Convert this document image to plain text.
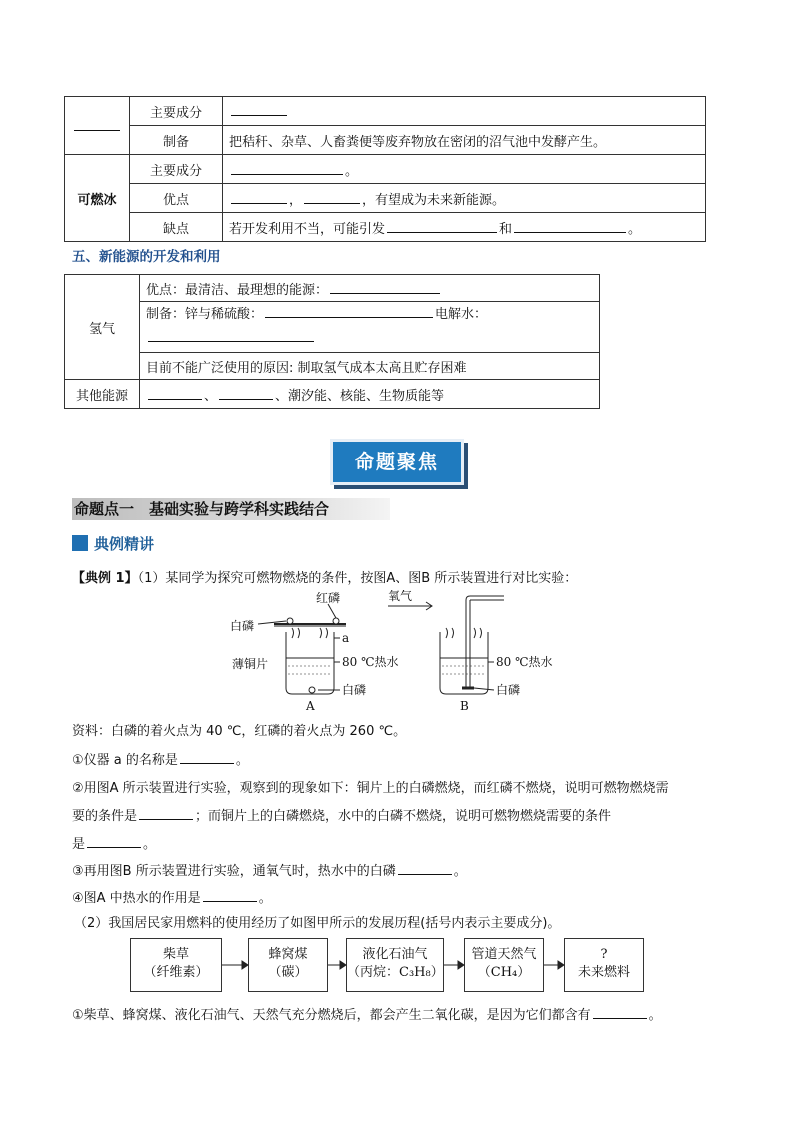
	主要成分	
	制备	把秸秆、杂草、人畜粪便等废弃物放在密闭的沼气池中发酵产生。
可燃冰	主要成分	。
	优点	， ，有望成为未来新能源。
	缺点	若开发利用不当，可能引发 和 。
五、新能源的开发和利用
氢气	优点：最清洁、最理想的能源：
	制备：锌与稀硫酸： 电解水：

	目前不能广泛使用的原因: 制取氢气成本太高且贮存困难
其他能源	、 、潮汐能、核能、生物质能等
命题聚焦
命题点一　基础实验与跨学科实践结合
典例精讲
【典例 1】（1）某同学为探究可燃物燃烧的条件，按图A、图B 所示装置进行对比实验：
红磷
白磷
a
薄铜片	80 ℃热水
白磷
A
氧气
80 ℃热水
白磷
B
资料：白磷的着火点为 40 ℃，红磷的着火点为 260 ℃。
①仪器 a 的名称是	。
②用图A 所示装置进行实验，观察到的现象如下：铜片上的白磷燃烧，而红磷不燃烧，说明可燃物燃烧需
要的条件是	；而铜片上的白磷燃烧，水中的白磷不燃烧，说明可燃物燃烧需要的条件
是	。
③再用图B 所示装置进行实验，通氧气时，热水中的白磷	。
④图A 中热水的作用是	。
（2）我国居民家用燃料的使用经历了如图甲所示的发展历程(括号内表示主要成分)。
柴草
（纤维素）
蜂窝煤
（碳）
液化石油气
（丙烷：C₃H₈）
管道天然气
（CH₄）
?
未来燃料
①柴草、蜂窝煤、液化石油气、天然气充分燃烧后，都会产生二氧化碳，是因为它们都含有	。
